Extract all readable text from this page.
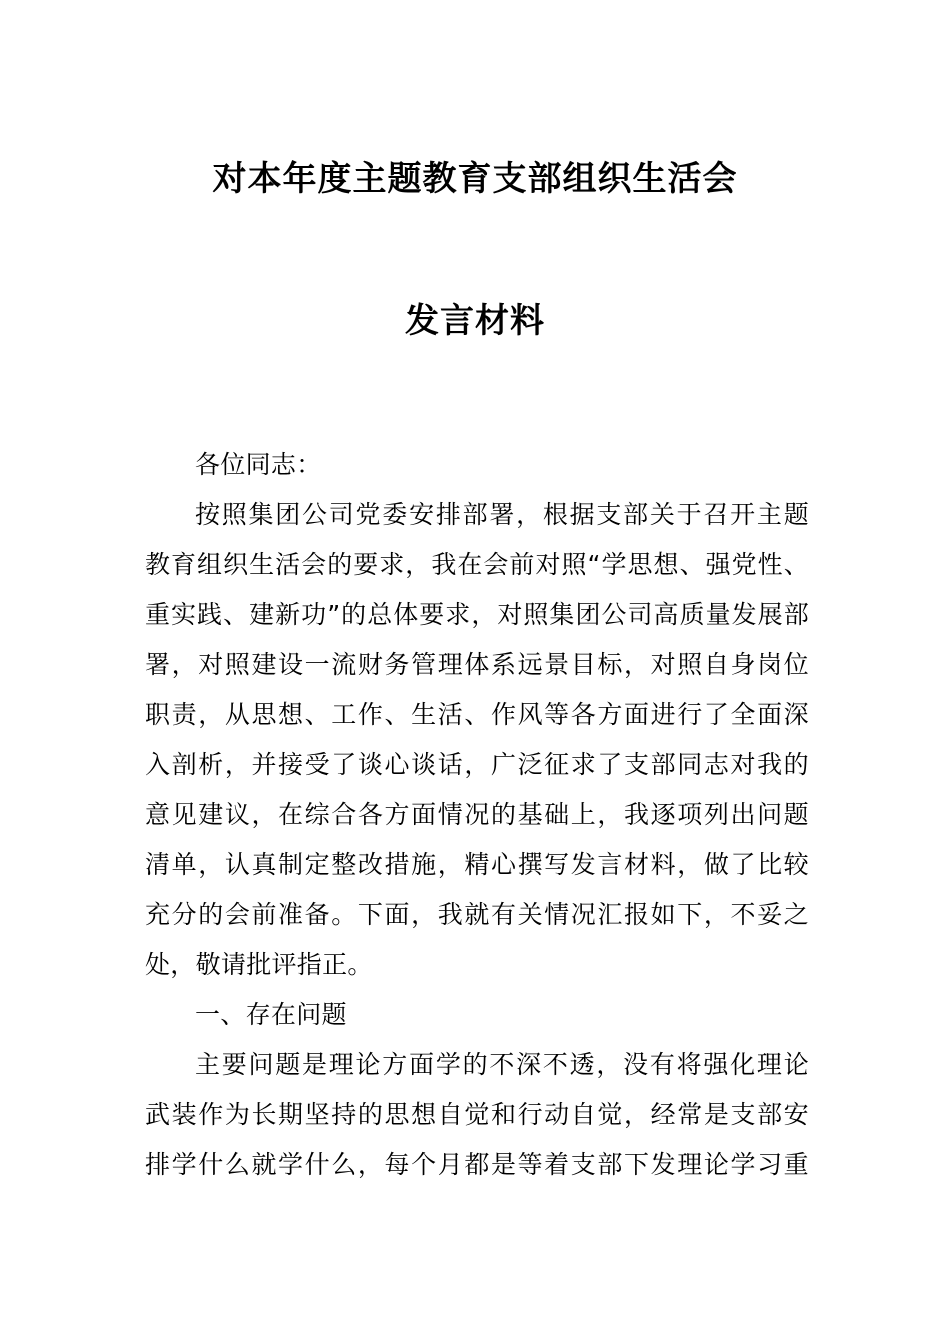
对本年度主题教育支部组织生活会
发言材料
各位同志：
按照集团公司党委安排部署，根据支部关于召开主题
教育组织生活会的要求，我在会前对照“学思想、强党性、
重实践、建新功”的总体要求，对照集团公司高质量发展部
署，对照建设一流财务管理体系远景目标，对照自身岗位
职责，从思想、工作、生活、作风等各方面进行了全面深
入剖析，并接受了谈心谈话，广泛征求了支部同志对我的
意见建议，在综合各方面情况的基础上，我逐项列出问题
清单，认真制定整改措施，精心撰写发言材料，做了比较
充分的会前准备。下面，我就有关情况汇报如下，不妥之
处，敬请批评指正。
一、存在问题
主要问题是理论方面学的不深不透，没有将强化理论
武装作为长期坚持的思想自觉和行动自觉，经常是支部安
排学什么就学什么，每个月都是等着支部下发理论学习重
